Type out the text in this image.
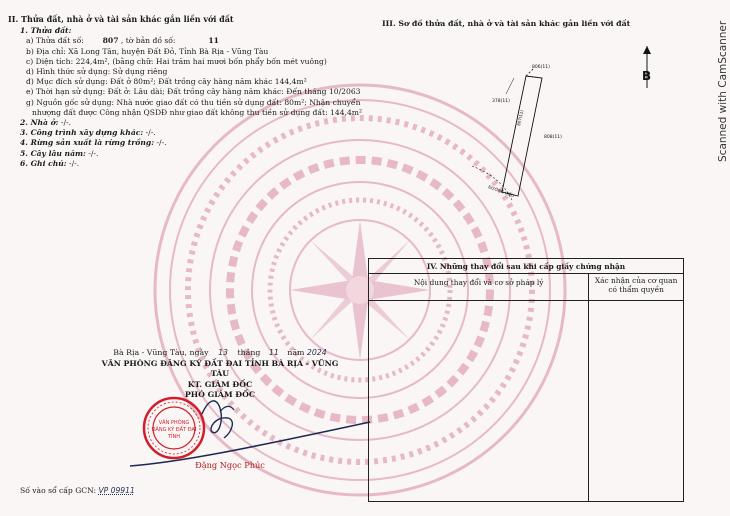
II. Thửa đất, nhà ở và tài sản khác gắn liền với đất
1. Thửa đất:
a) Thửa đất số: 807 , tờ bản đồ số:	11
b) Địa chỉ: Xã Long Tân, huyện Đất Đỏ, Tỉnh Bà Rịa - Vũng Tàu
c) Diện tích: 224,4m², (bằng chữ: Hai trăm hai mươi bốn phẩy bốn mét vuông)
d) Hình thức sử dụng: Sử dụng riêng
đ) Mục đích sử dụng: Đất ở 80m²; Đất trồng cây hàng năm khác 144,4m²
e) Thời hạn sử dụng: Đất ở: Lâu dài; Đất trồng cây hàng năm khác: Đến tháng 10/2063
g) Nguồn gốc sử dụng: Nhà nước giao đất có thu tiền sử dụng đất: 80m²; Nhận chuyển
nhượng đất được Công nhận QSDĐ như giao đất không thu tiền sử dụng đất: 144,4m²
2. Nhà ở: -/-.
3. Công trình xây dựng khác: -/-.
4. Rừng sản xuất là rừng trồng: -/-.
5. Cây lâu năm: -/-.
6. Ghi chú: -/-.
Bà Rịa - Vũng Tàu, ngày 13 tháng 11 năm 2024
VĂN PHÒNG ĐĂNG KÝ ĐẤT ĐAI TỈNH BÀ RỊA - VŨNG TÀU
KT. GIÁM ĐỐC
PHÓ GIÁM ĐỐC
VĂN PHÒNG
ĐĂNG KÝ ĐẤT ĐAI
TỈNH
Đặng Ngọc Phúc
Số vào sổ cấp GCN: VP 09911
III. Sơ đồ thửa đất, nhà ở và tài sản khác gắn liền với đất
B
806(11)
378(11)
808(11)
807(11)
ĐƯỜNG HIỆU
IV. Những thay đổi sau khi cấp giấy chứng nhận	
Nội dung thay đổi và cơ sở pháp lý	Xác nhận của cơ quan
có thẩm quyền

Scanned with CamScanner
